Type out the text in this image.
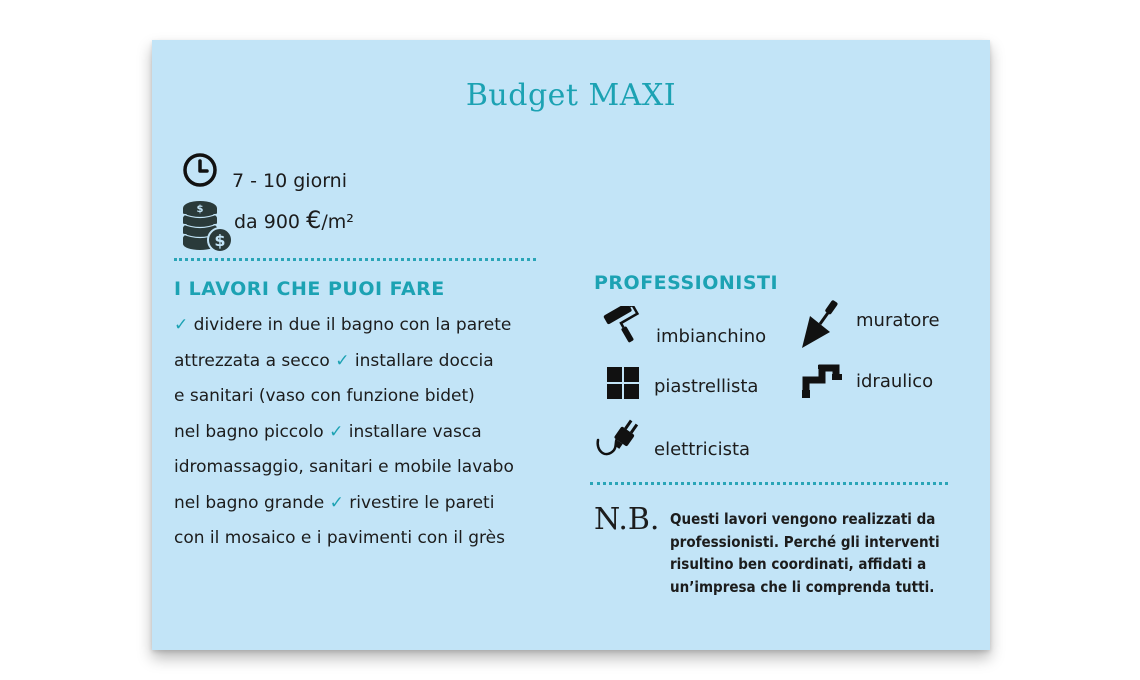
Budget MAXI
7 - 10 giorni
$
$
da 900 €/m²
I LAVORI CHE PUOI FARE
✓ dividere in due il bagno con la parete
attrezzata a secco ✓ installare doccia
e sanitari (vaso con funzione bidet)
nel bagno piccolo ✓ installare vasca
idromassaggio, sanitari e mobile lavabo
nel bagno grande ✓ rivestire le pareti
con il mosaico e i pavimenti con il grès
PROFESSIONISTI
imbianchino
muratore
piastrellista	idraulico
elettricista
N.B. Questi lavori vengono realizzati da
professionisti. Perché gli interventi
risultino ben coordinati, affidati a
un’impresa che li comprenda tutti.
